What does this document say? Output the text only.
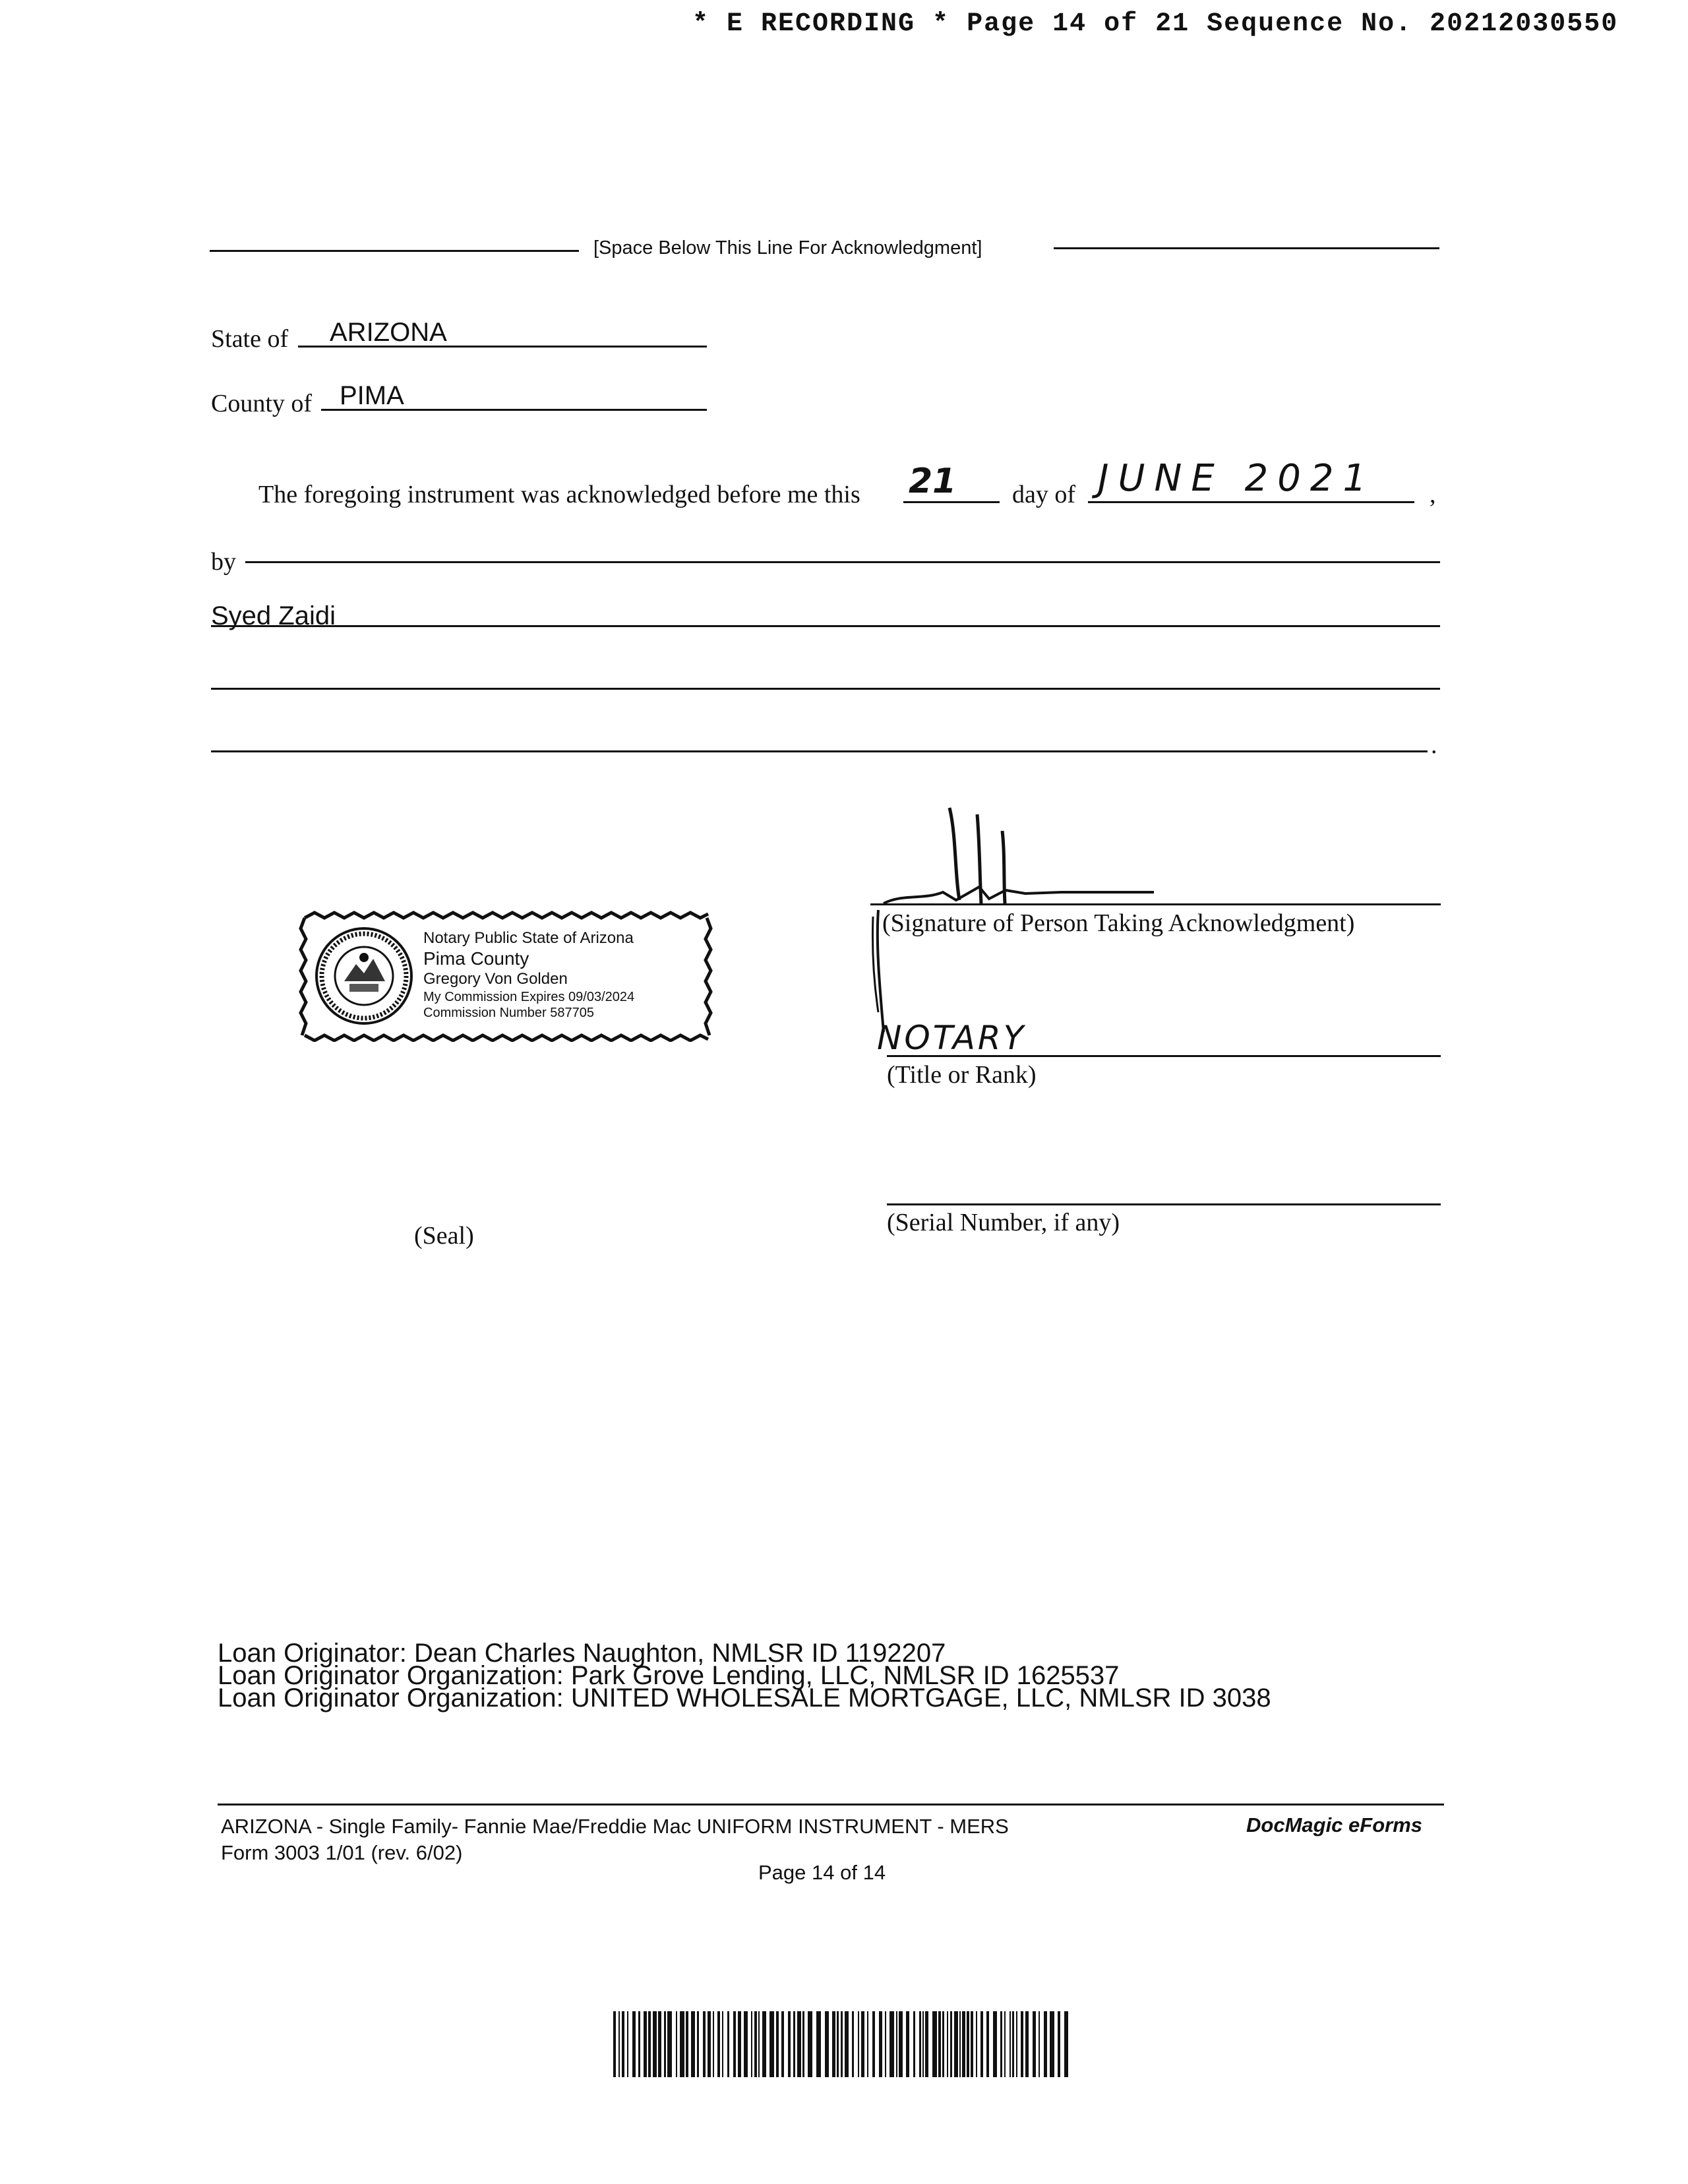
* E RECORDING * Page 14 of 21 Sequence No. 20212030550
[Space Below This Line For Acknowledgment]
State of ARIZONA
County of PIMA
The foregoing instrument was acknowledged before me this 21 day of JUNE 2021 ,
by
Syed Zaidi
.
Notary Public State of Arizona
Pima County
Gregory Von Golden
My Commission Expires 09/03/2024
Commission Number 587705
(Seal)
(Signature of Person Taking Acknowledgment)
NOTARY
(Title or Rank)
(Serial Number, if any)
Loan Originator: Dean Charles Naughton, NMLSR ID 1192207
Loan Originator Organization: Park Grove Lending, LLC, NMLSR ID 1625537
Loan Originator Organization: UNITED WHOLESALE MORTGAGE, LLC, NMLSR ID 3038
ARIZONA - Single Family- Fannie Mae/Freddie Mac UNIFORM INSTRUMENT - MERS
Form 3003 1/01 (rev. 6/02)
DocMagic eForms
Page 14 of 14
